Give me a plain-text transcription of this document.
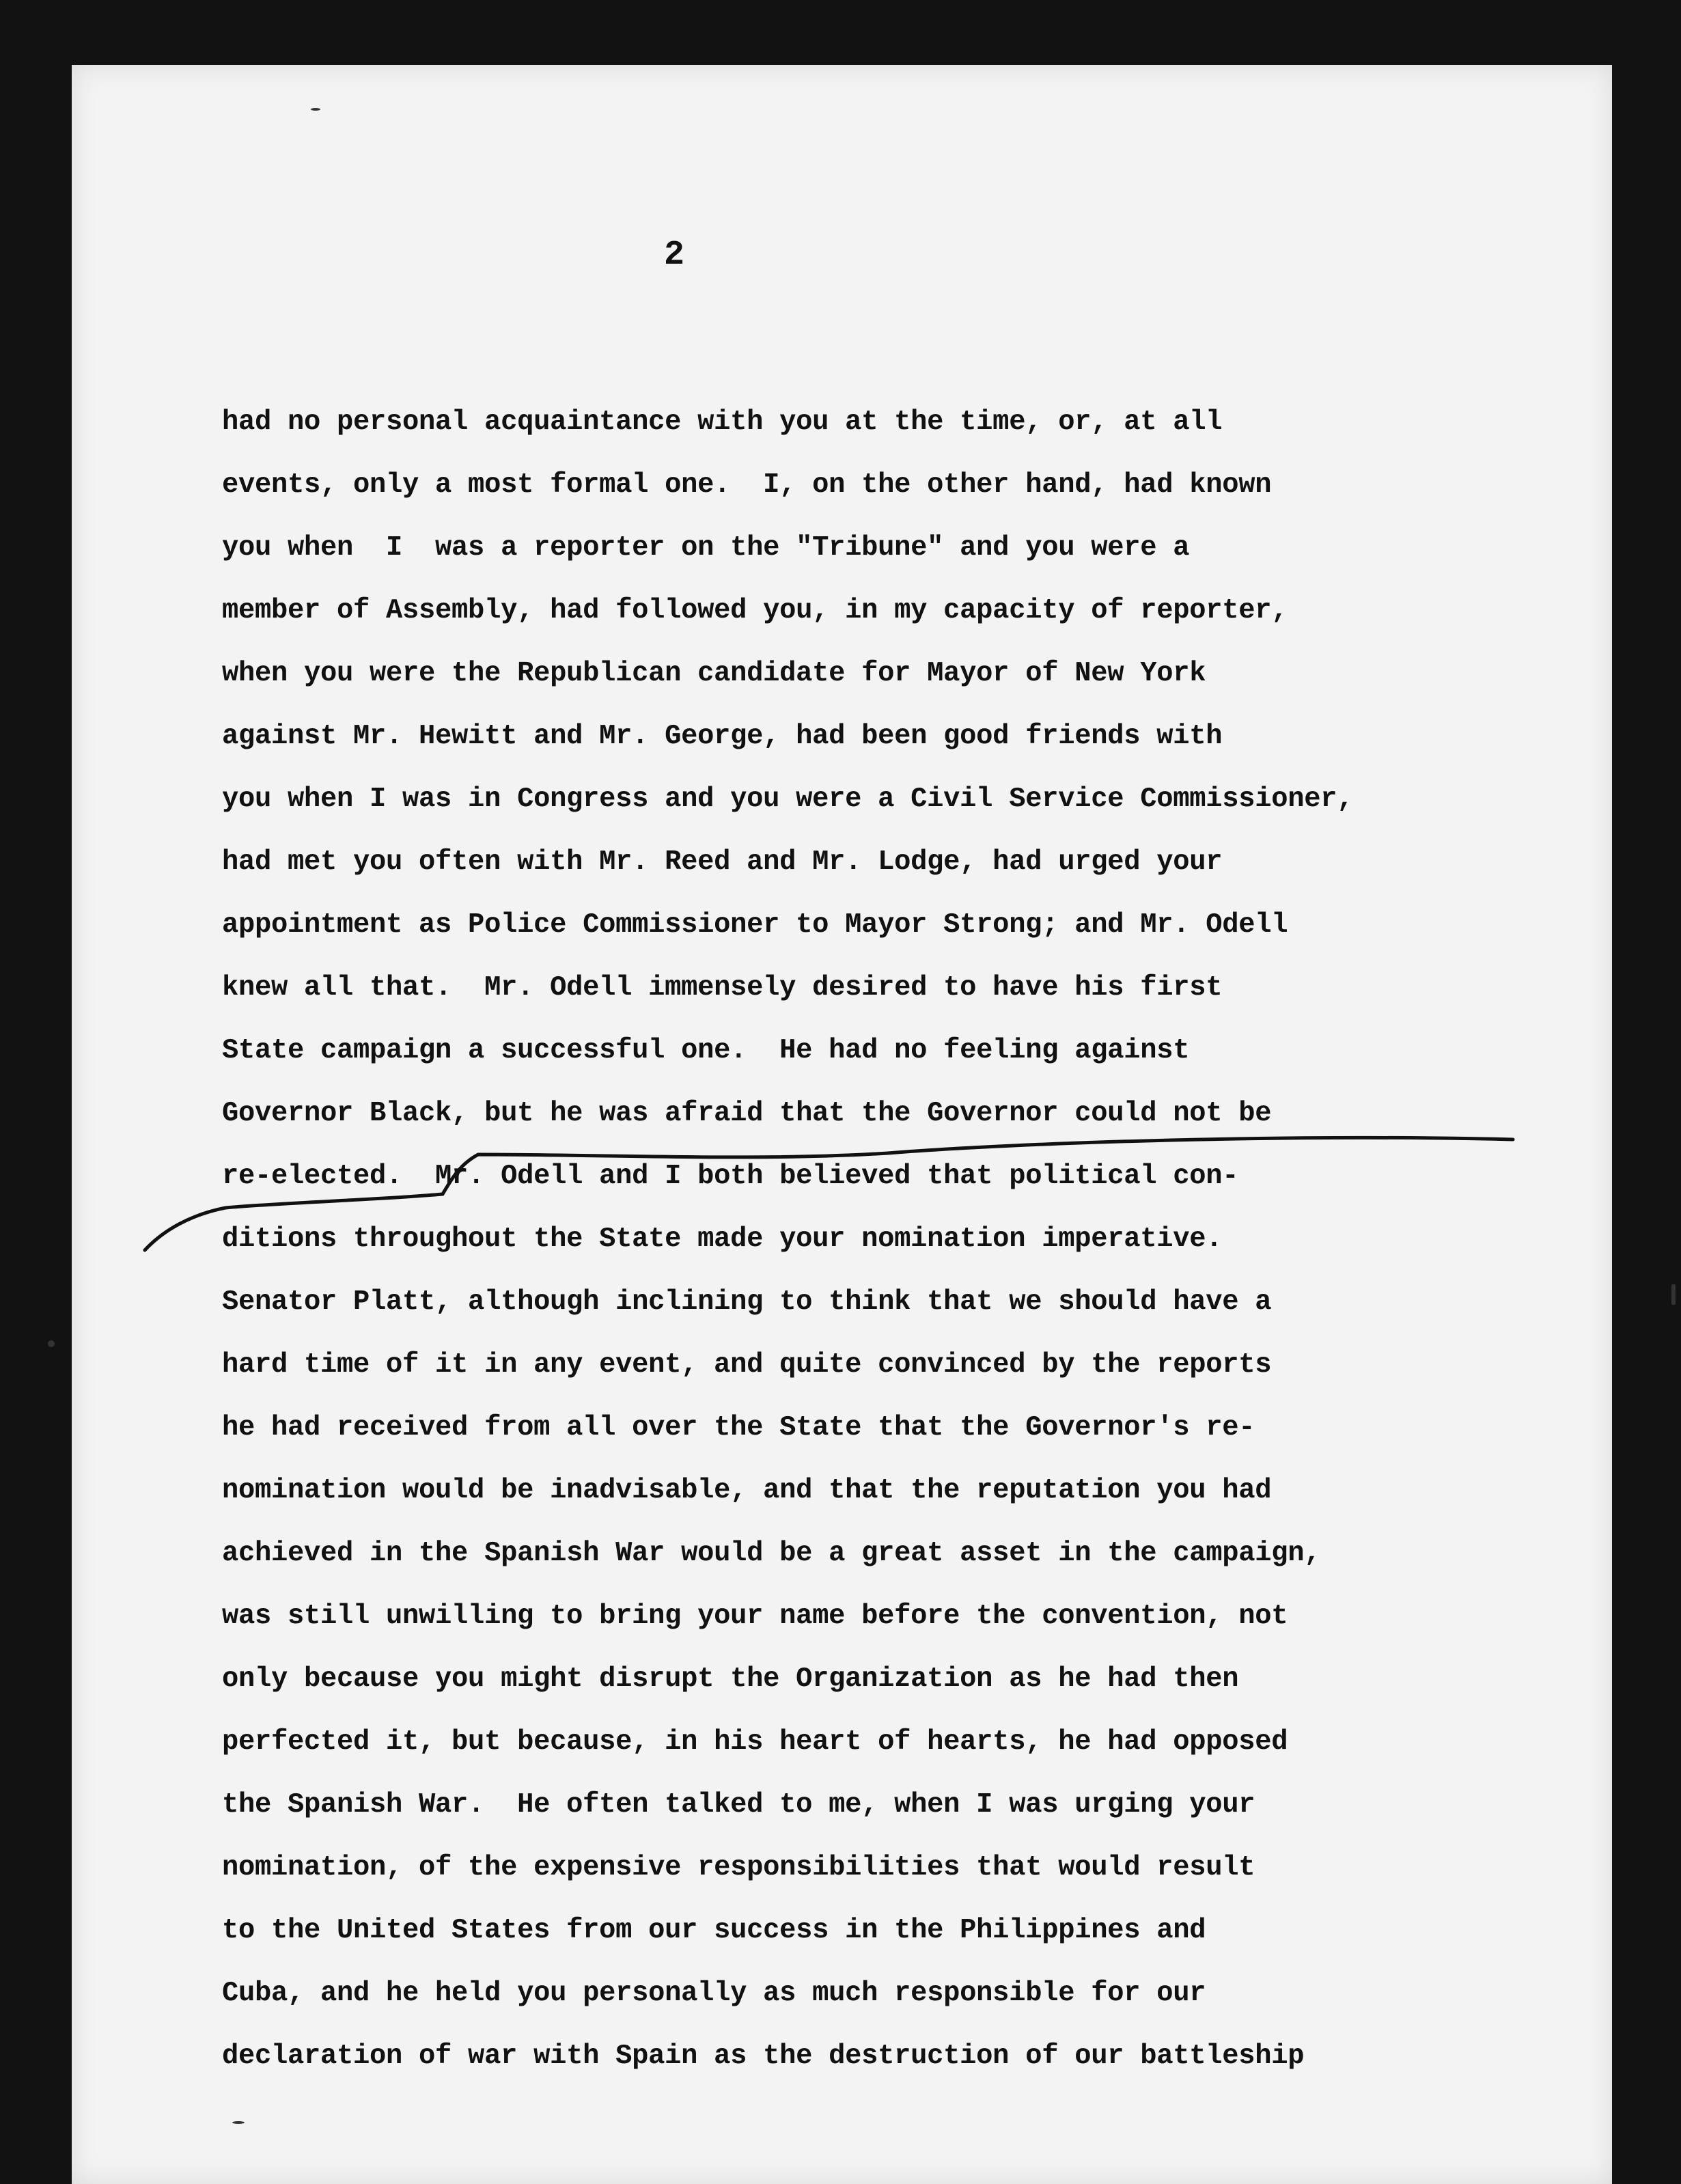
2
had no personal acquaintance with you at the time, or, at all
events, only a most formal one.  I, on the other hand, had known
you when  I  was a reporter on the "Tribune" and you were a
member of Assembly, had followed you, in my capacity of reporter,
when you were the Republican candidate for Mayor of New York
against Mr. Hewitt and Mr. George, had been good friends with
you when I was in Congress and you were a Civil Service Commissioner,
had met you often with Mr. Reed and Mr. Lodge, had urged your
appointment as Police Commissioner to Mayor Strong; and Mr. Odell
knew all that.  Mr. Odell immensely desired to have his first
State campaign a successful one.  He had no feeling against
Governor Black, but he was afraid that the Governor could not be
re-elected.  Mr. Odell and I both believed that political con-
ditions throughout the State made your nomination imperative.
Senator Platt, although inclining to think that we should have a
hard time of it in any event, and quite convinced by the reports
he had received from all over the State that the Governor's re-
nomination would be inadvisable, and that the reputation you had
achieved in the Spanish War would be a great asset in the campaign,
was still unwilling to bring your name before the convention, not
only because you might disrupt the Organization as he had then
perfected it, but because, in his heart of hearts, he had opposed
the Spanish War.  He often talked to me, when I was urging your
nomination, of the expensive responsibilities that would result
to the United States from our success in the Philippines and
Cuba, and he held you personally as much responsible for our
declaration of war with Spain as the destruction of our battleship
